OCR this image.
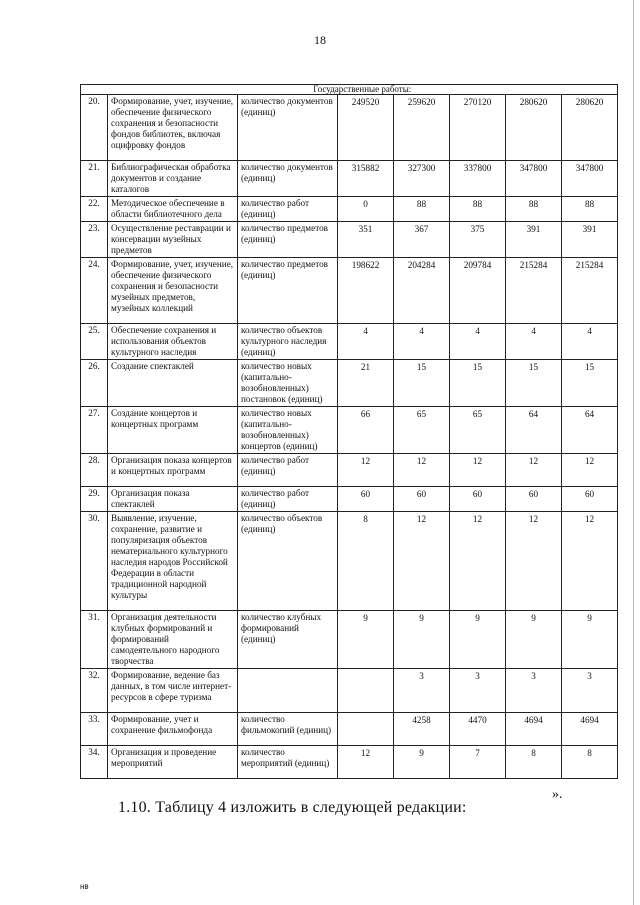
18
	Государственные работы:						
20.	Формирование, учет, изучение, обеспечение физического сохранения и безопасности фондов библиотек, включая оцифровку фондов	количество документов (единиц)	249520	259620	270120	280620	280620
21.	Библиографическая обработка документов и создание каталогов	количество документов (единиц)	315882	327300	337800	347800	347800
22.	Методическое обеспечение в области библиотечного дела	количество работ (единиц)	0	88	88	88	88
23.	Осуществление реставрации и консервации музейных предметов	количество предметов (единиц)	351	367	375	391	391
24.	Формирование, учет, изучение, обеспечение физического сохранения и безопасности музейных предметов, музейных коллекций	количество предметов (единиц)	198622	204284	209784	215284	215284
25.	Обеспечение сохранения и использования объектов культурного наследия	количество объектов культурного наследия (единиц)	4	4	4	4	4
26.	Создание спектаклей	количество новых (капитально-возобновленных) постановок (единиц)	21	15	15	15	15
27.	Создание концертов и концертных программ	количество новых (капитально-возобновленных) концертов (единиц)	66	65	65	64	64
28.	Организация показа концертов и концертных программ	количество работ (единиц)	12	12	12	12	12
29.	Организация показа спектаклей	количество работ (единиц)	60	60	60	60	60
30.	Выявление, изучение, сохранение, развитие и популяризация объектов нематериального культурного наследия народов Российской Федерации в области традиционной народной культуры	количество объектов (единиц)	8	12	12	12	12
31.	Организация деятельности клубных формирований и формирований самодеятельного народного творчества	количество клубных формирований (единиц)	9	9	9	9	9
32.	Формирование, ведение баз данных, в том числе интернет-ресурсов в сфере туризма			3	3	3	3
33.	Формирование, учет и сохранение фильмофонда	количество фильмокопий (единиц)		4258	4470	4694	4694
34.	Организация и проведение мероприятий	количество мероприятий (единиц)	12	9	7	8	8
».
1.10. Таблицу 4 изложить в следующей редакции:
нв
